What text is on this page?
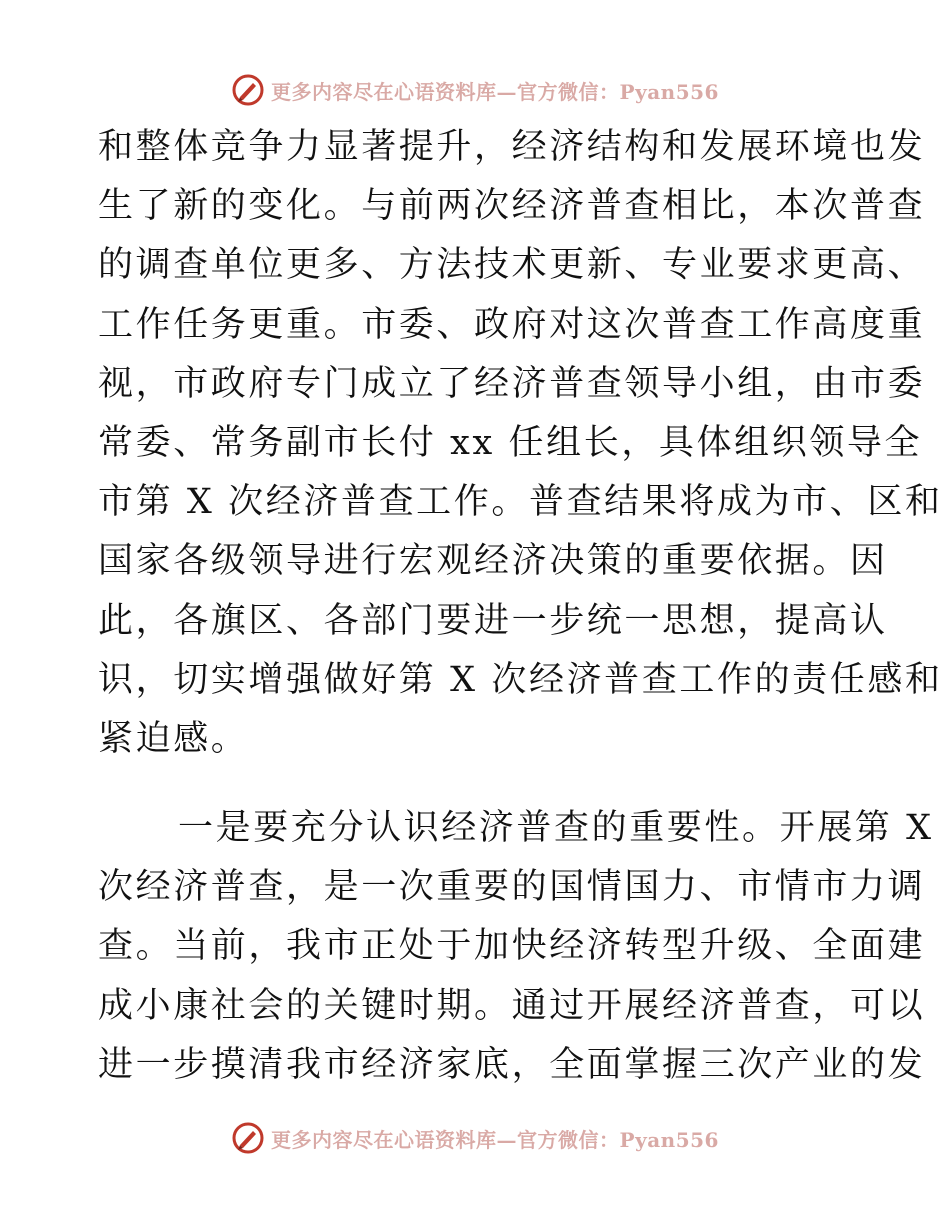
更多内容尽在心语资料库—官方微信：Pyan556
和整体竞争力显著提升，经济结构和发展环境也发
生了新的变化。与前两次经济普查相比，本次普查
的调查单位更多、方法技术更新、专业要求更高、
工作任务更重。市委、政府对这次普查工作高度重
视，市政府专门成立了经济普查领导小组，由市委
常委、常务副市长付 xx 任组长，具体组织领导全
市第 X 次经济普查工作。普查结果将成为市、区和
国家各级领导进行宏观经济决策的重要依据。因
此，各旗区、各部门要进一步统一思想，提高认
识，切实增强做好第 X 次经济普查工作的责任感和
紧迫感。
一是要充分认识经济普查的重要性。开展第 X
次经济普查，是一次重要的国情国力、市情市力调
查。当前，我市正处于加快经济转型升级、全面建
成小康社会的关键时期。通过开展经济普查，可以
进一步摸清我市经济家底，全面掌握三次产业的发
更多内容尽在心语资料库—官方微信：Pyan556
